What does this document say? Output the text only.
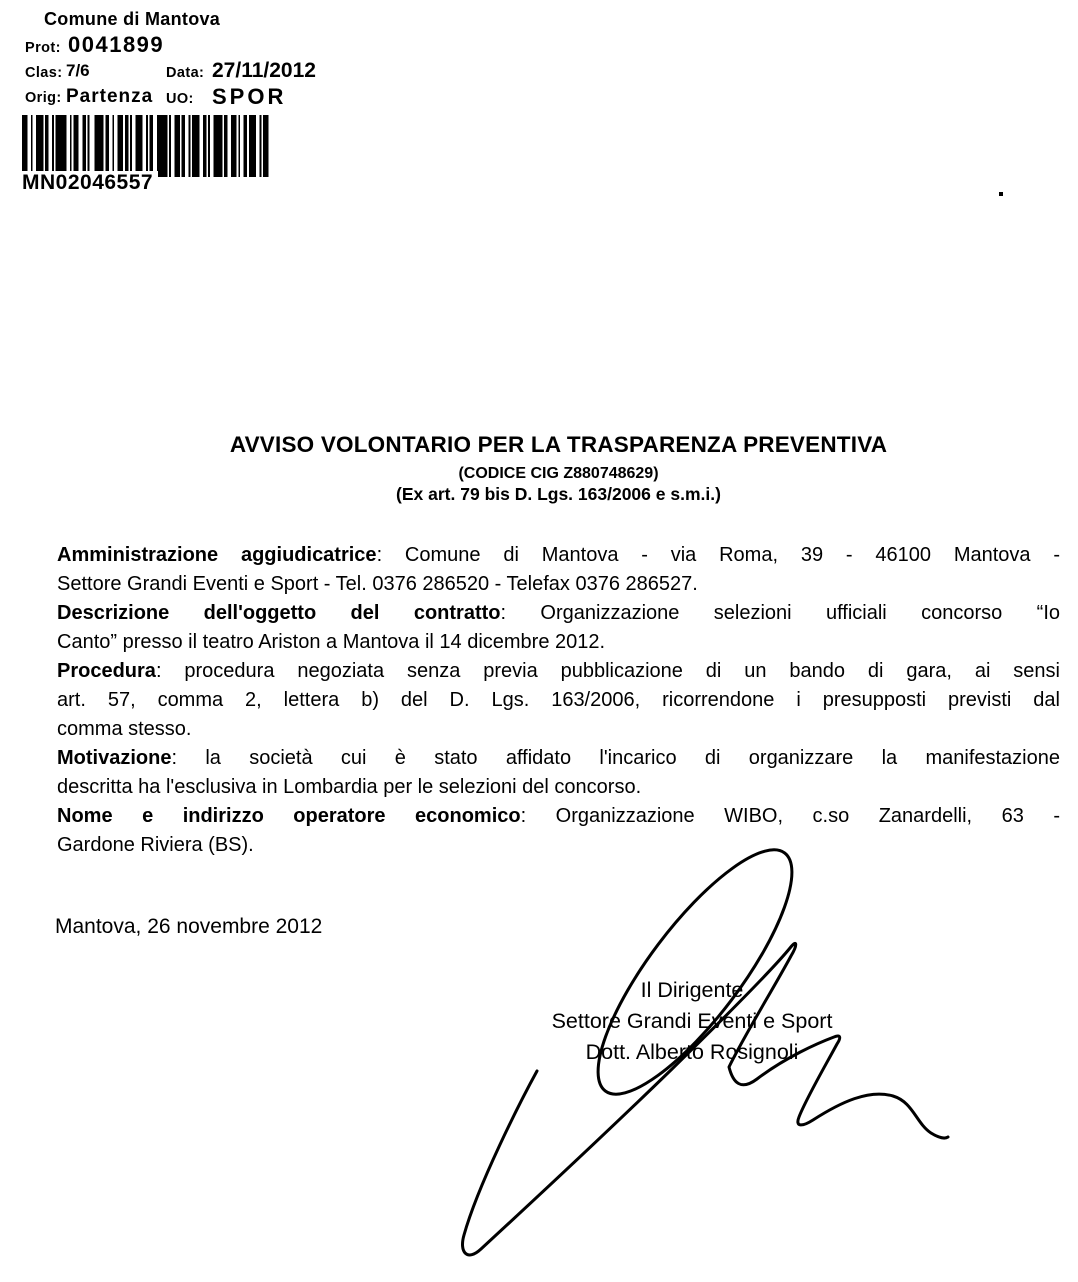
Comune di Mantova
Prot: 0041899
Clas: 7/6	Data: 27/11/2012
Orig: Partenza UO: SPOR
MN02046557
AVVISO VOLONTARIO PER LA TRASPARENZA PREVENTIVA
(CODICE CIG Z880748629)
(Ex art. 79 bis D. Lgs. 163/2006 e s.m.i.)
Amministrazione aggiudicatrice: Comune di Mantova - via Roma, 39 - 46100 Mantova -
Settore Grandi Eventi e Sport - Tel. 0376 286520 - Telefax 0376 286527.
Descrizione dell'oggetto del contratto: Organizzazione selezioni ufficiali concorso “Io
Canto” presso il teatro Ariston a Mantova il 14 dicembre 2012.
Procedura: procedura negoziata senza previa pubblicazione di un bando di gara, ai sensi
art. 57, comma 2, lettera b) del D. Lgs. 163/2006, ricorrendone i presupposti previsti dal
comma stesso.
Motivazione: la società cui è stato affidato l'incarico di organizzare la manifestazione
descritta ha l'esclusiva in Lombardia per le selezioni del concorso.
Nome e indirizzo operatore economico: Organizzazione WIBO, c.so Zanardelli, 63 -
Gardone Riviera (BS).
Mantova, 26 novembre 2012
Il Dirigente
Settore Grandi Eventi e Sport
Dott. Alberto Rosignoli
